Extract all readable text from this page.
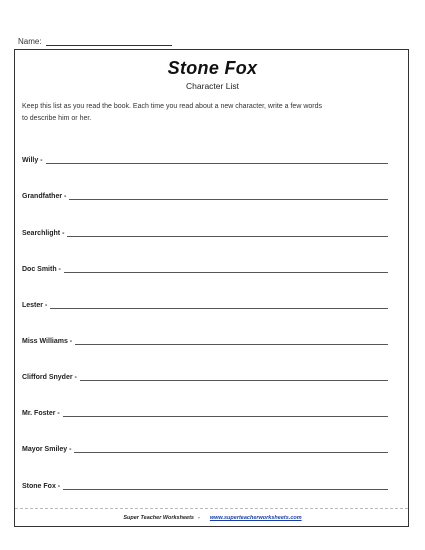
Name:
Stone Fox
Character List
Keep this list as you read the book. Each time you read about a new character, write a few words to describe him or her.
Willy -
Grandfather -
Searchlight -
Doc Smith -
Lester -
Miss Williams -
Clifford Snyder -
Mr. Foster -
Mayor Smiley -
Stone Fox -
Super Teacher Worksheets - www.superteacherworksheets.com
